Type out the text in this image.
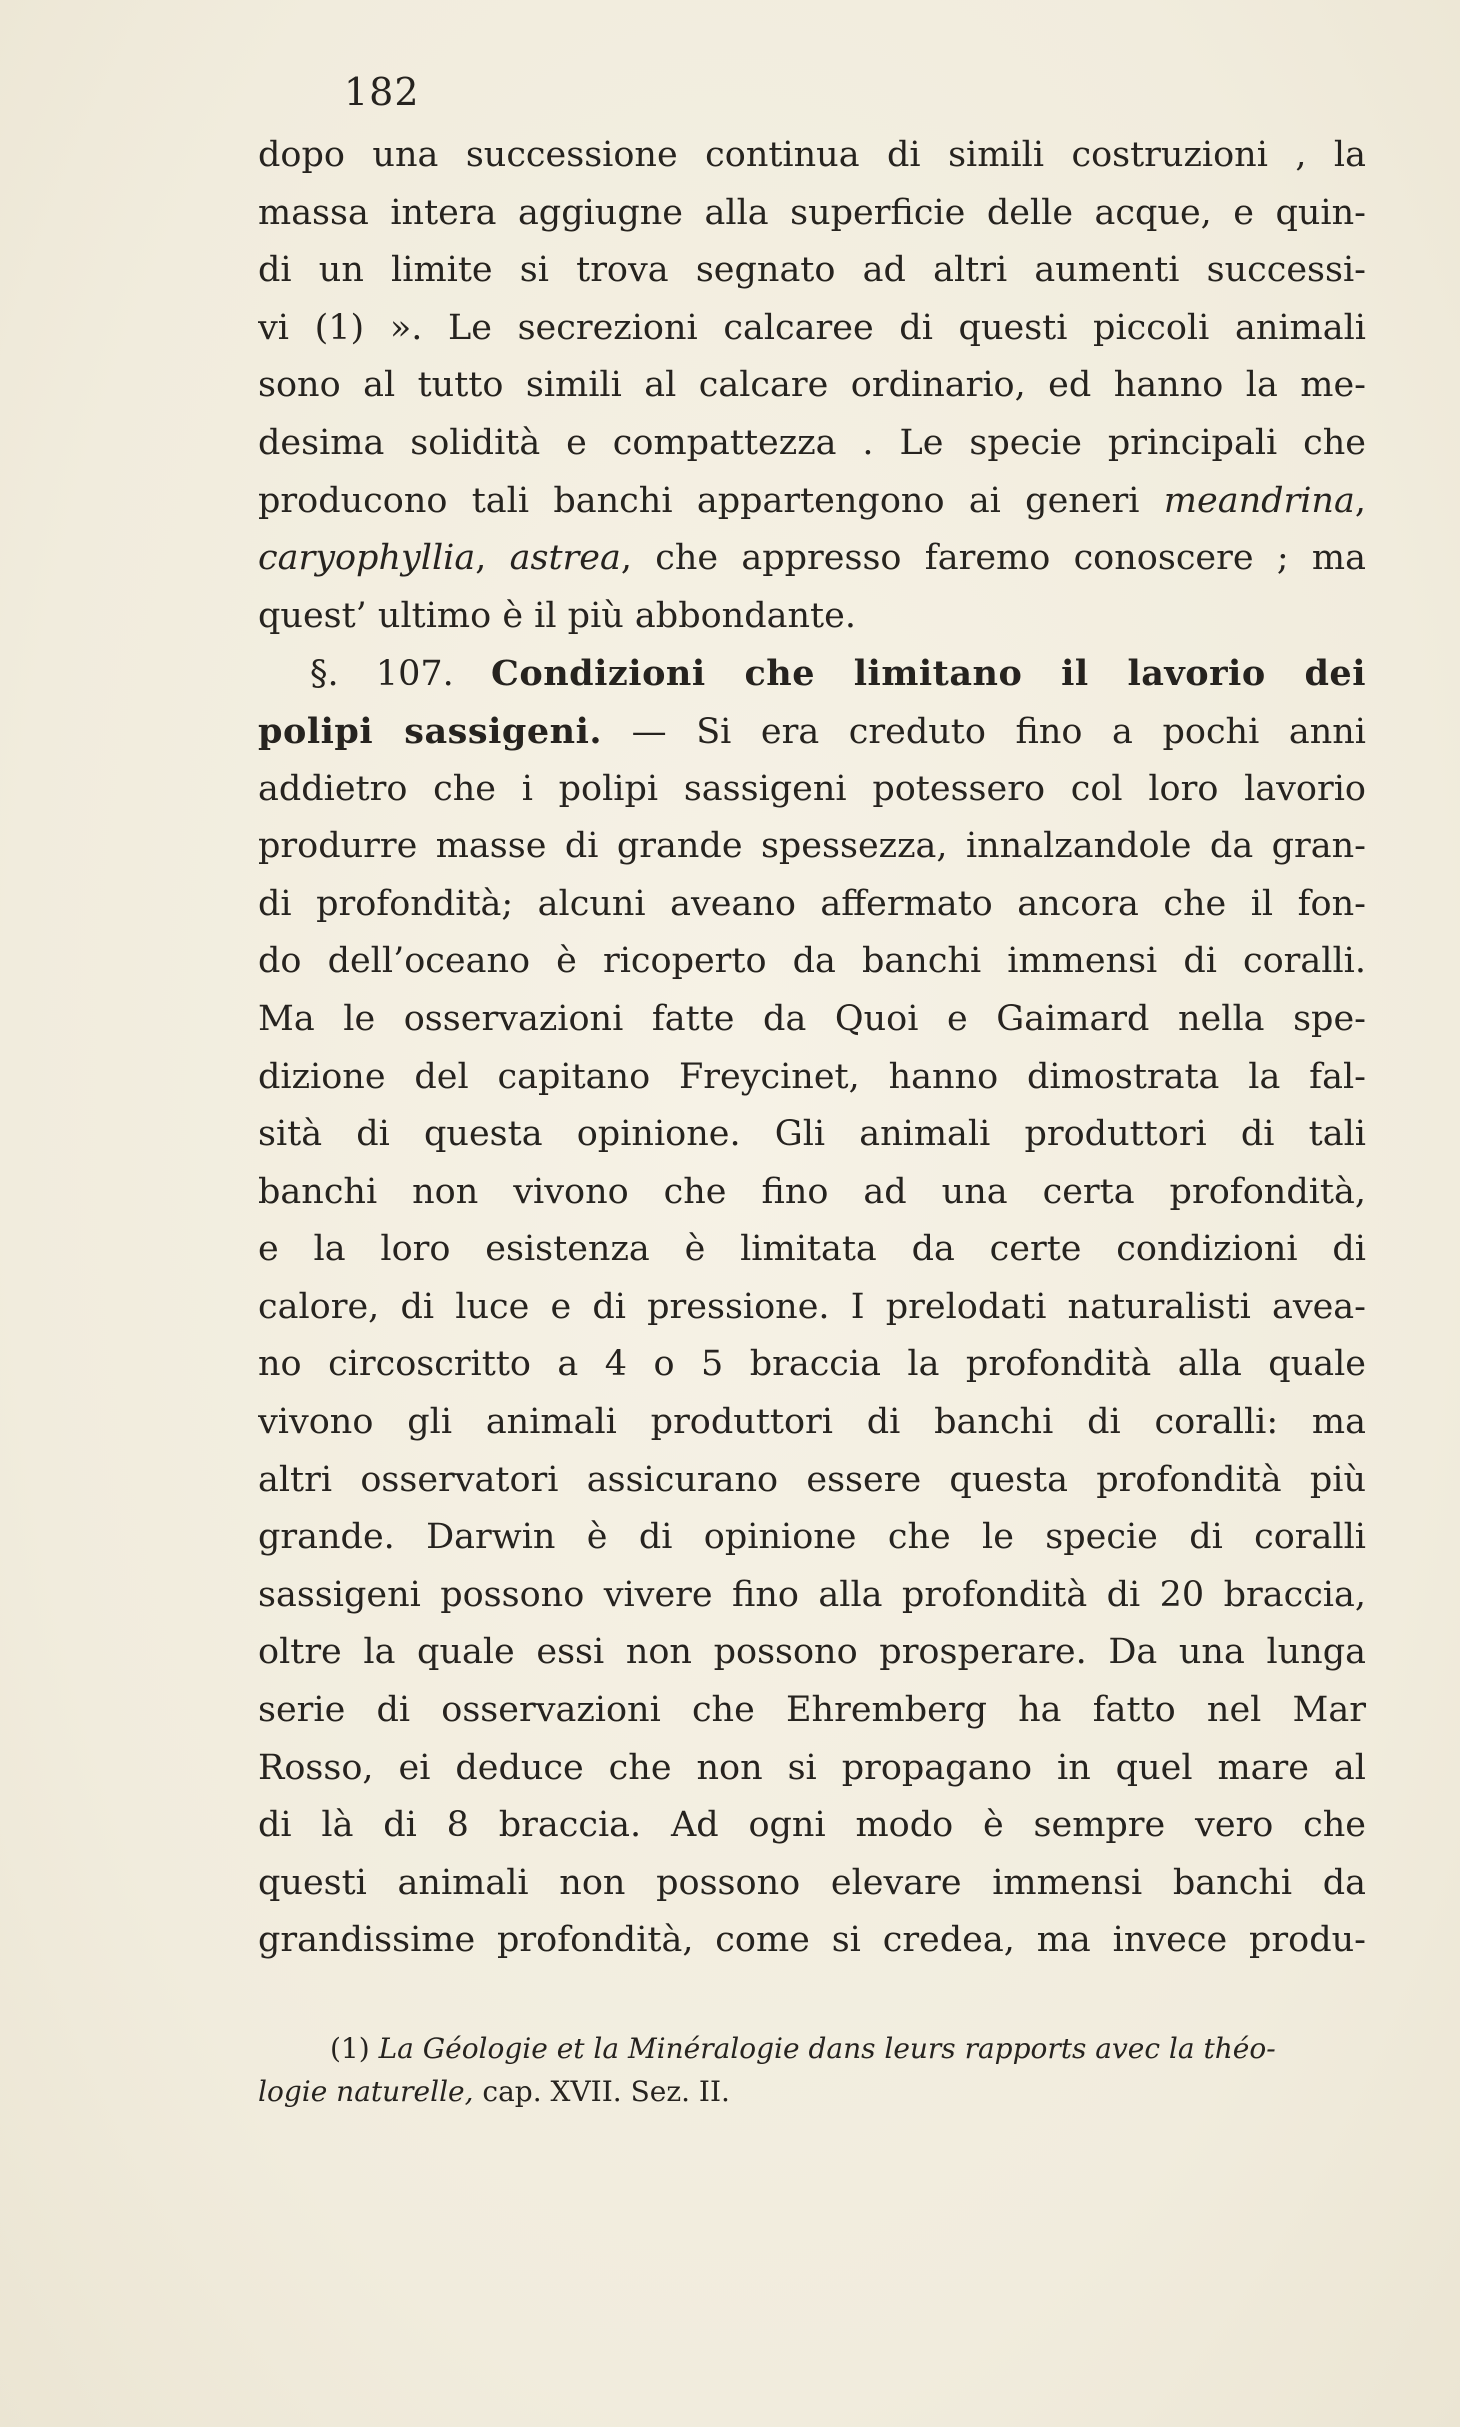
182
dopo una successione continua di simili costruzioni , la
massa intera aggiugne alla superficie delle acque, e quin-
di un limite si trova segnato ad altri aumenti successi-
vi (1) ». Le secrezioni calcaree di questi piccoli animali
sono al tutto simili al calcare ordinario, ed hanno la me-
desima solidità e compattezza . Le specie principali che
producono tali banchi appartengono ai generi meandrina,
caryophyllia, astrea, che appresso faremo conoscere ; ma
quest’ ultimo è il più abbondante.
§. 107. Condizioni che limitano il lavorio dei
polipi sassigeni. — Si era creduto fino a pochi anni
addietro che i polipi sassigeni potessero col loro lavorio
produrre masse di grande spessezza, innalzandole da gran-
di profondità; alcuni aveano affermato ancora che il fon-
do dell’oceano è ricoperto da banchi immensi di coralli.
Ma le osservazioni fatte da Quoi e Gaimard nella spe-
dizione del capitano Freycinet, hanno dimostrata la fal-
sità di questa opinione. Gli animali produttori di tali
banchi non vivono che fino ad una certa profondità,
e la loro esistenza è limitata da certe condizioni di
calore, di luce e di pressione. I prelodati naturalisti avea-
no circoscritto a 4 o 5 braccia la profondità alla quale
vivono gli animali produttori di banchi di coralli: ma
altri osservatori assicurano essere questa profondità più
grande. Darwin è di opinione che le specie di coralli
sassigeni possono vivere fino alla profondità di 20 braccia,
oltre la quale essi non possono prosperare. Da una lunga
serie di osservazioni che Ehremberg ha fatto nel Mar
Rosso, ei deduce che non si propagano in quel mare al
di là di 8 braccia. Ad ogni modo è sempre vero che
questi animali non possono elevare immensi banchi da
grandissime profondità, come si credea, ma invece produ-
(1) La Géologie et la Minéralogie dans leurs rapports avec la théo-
logie naturelle, cap. XVII. Sez. II.
